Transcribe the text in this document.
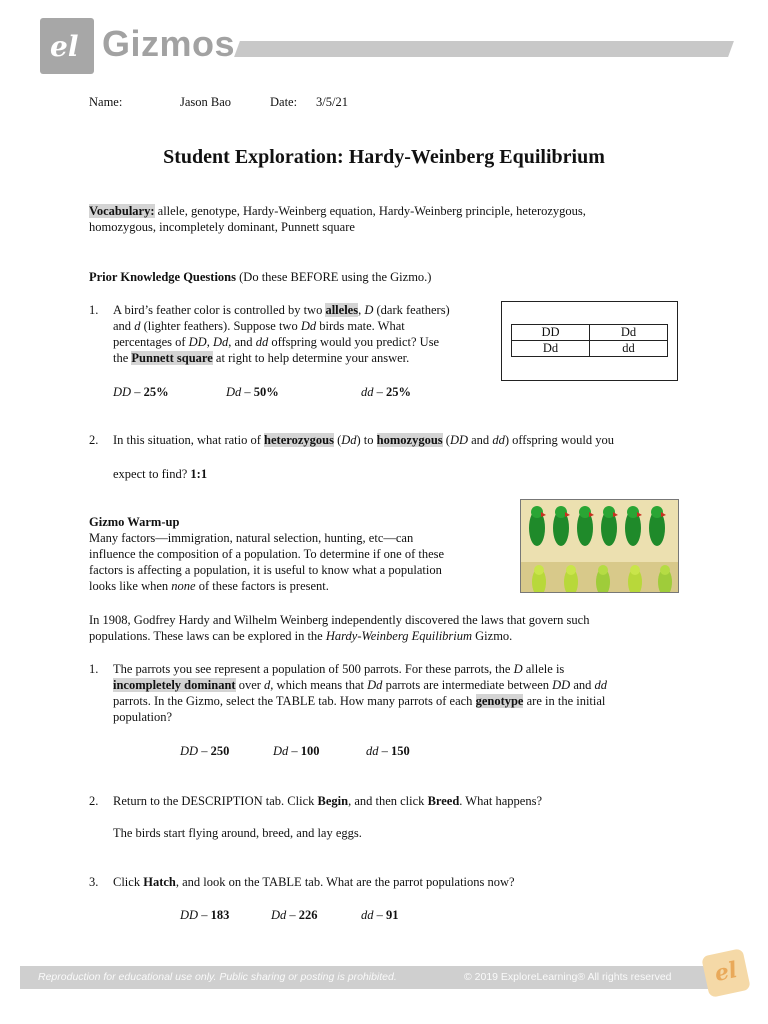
el Gizmos
Name:	Jason Bao	Date: 3/5/21
Student Exploration: Hardy-Weinberg Equilibrium
Vocabulary: allele, genotype, Hardy-Weinberg equation, Hardy-Weinberg principle, heterozygous,
homozygous, incompletely dominant, Punnett square
Prior Knowledge Questions (Do these BEFORE using the Gizmo.)
1. A bird’s feather color is controlled by two alleles, D (dark feathers)
and d (lighter feathers). Suppose two Dd birds mate. What
percentages of DD, Dd, and dd offspring would you predict? Use
the Punnett square at right to help determine your answer.
DD – 25%	Dd – 50%	dd – 25%
DD	Dd
Dd	dd
2. In this situation, what ratio of heterozygous (Dd) to homozygous (DD and dd) offspring would you
expect to find? 1:1
Gizmo Warm-up
Many factors—immigration, natural selection, hunting, etc—can
influence the composition of a population. To determine if one of these
factors is affecting a population, it is useful to know what a population
looks like when none of these factors is present.
In 1908, Godfrey Hardy and Wilhelm Weinberg independently discovered the laws that govern such
populations. These laws can be explored in the Hardy-Weinberg Equilibrium Gizmo.
1. The parrots you see represent a population of 500 parrots. For these parrots, the D allele is
incompletely dominant over d, which means that Dd parrots are intermediate between DD and dd
parrots. In the Gizmo, select the TABLE tab. How many parrots of each genotype are in the initial
population?
DD – 250	Dd – 100	dd – 150
2. Return to the DESCRIPTION tab. Click Begin, and then click Breed. What happens?
The birds start flying around, breed, and lay eggs.
3. Click Hatch, and look on the TABLE tab. What are the parrot populations now?
DD – 183	Dd – 226	dd – 91
Reproduction for educational use only. Public sharing or posting is prohibited.	© 2019 ExploreLearning® All rights reserved el
